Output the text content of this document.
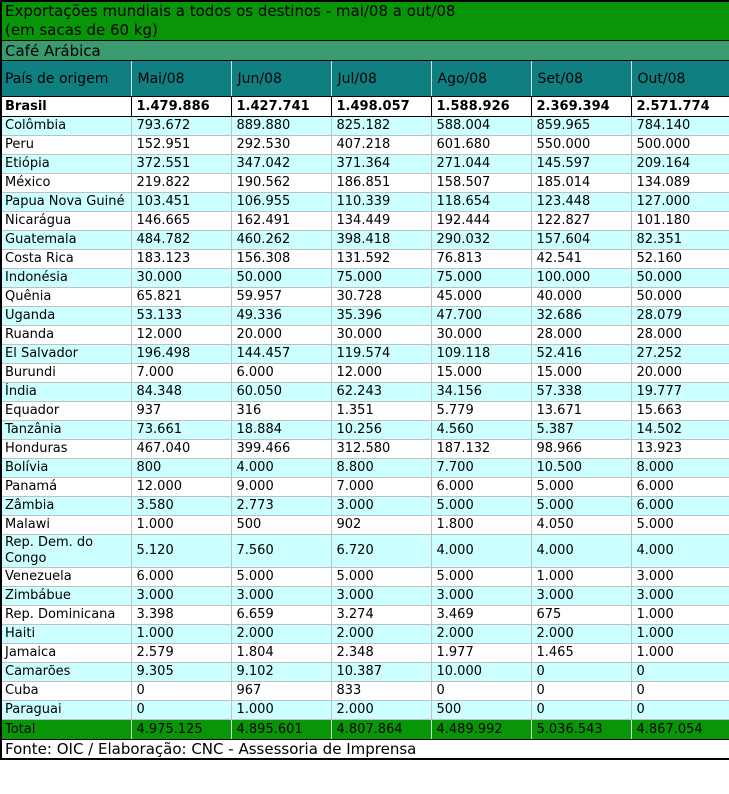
Exportações mundiais a todos os destinos - mai/08 a out/08
(em sacas de 60 kg)						

Café Arábica						
País de origem	Mai/08	Jun/08	Jul/08	Ago/08	Set/08	Out/08
Brasil	1.479.886	1.427.741	1.498.057	1.588.926	2.369.394	2.571.774
Colômbia	793.672	889.880	825.182	588.004	859.965	784.140
Peru	152.951	292.530	407.218	601.680	550.000	500.000
Etiópia	372.551	347.042	371.364	271.044	145.597	209.164
México	219.822	190.562	186.851	158.507	185.014	134.089
Papua Nova Guiné	103.451	106.955	110.339	118.654	123.448	127.000
Nicarágua	146.665	162.491	134.449	192.444	122.827	101.180
Guatemala	484.782	460.262	398.418	290.032	157.604	82.351
Costa Rica	183.123	156.308	131.592	76.813	42.541	52.160
Indonésia	30.000	50.000	75.000	75.000	100.000	50.000
Quênia	65.821	59.957	30.728	45.000	40.000	50.000
Uganda	53.133	49.336	35.396	47.700	32.686	28.079
Ruanda	12.000	20.000	30.000	30.000	28.000	28.000
El Salvador	196.498	144.457	119.574	109.118	52.416	27.252
Burundi	7.000	6.000	12.000	15.000	15.000	20.000
Índia	84.348	60.050	62.243	34.156	57.338	19.777
Equador	937	316	1.351	5.779	13.671	15.663
Tanzânia	73.661	18.884	10.256	4.560	5.387	14.502
Honduras	467.040	399.466	312.580	187.132	98.966	13.923
Bolívia	800	4.000	8.800	7.700	10.500	8.000
Panamá	12.000	9.000	7.000	6.000	5.000	6.000
Zâmbia	3.580	2.773	3.000	5.000	5.000	6.000
Malawi	1.000	500	902	1.800	4.050	5.000
Rep. Dem. do Congo	5.120	7.560	6.720	4.000	4.000	4.000
Venezuela	6.000	5.000	5.000	5.000	1.000	3.000
Zimbábue	3.000	3.000	3.000	3.000	3.000	3.000
Rep. Dominicana	3.398	6.659	3.274	3.469	675	1.000
Haiti	1.000	2.000	2.000	2.000	2.000	1.000
Jamaica	2.579	1.804	2.348	1.977	1.465	1.000
Camarões	9.305	9.102	10.387	10.000	0	0
Cuba	0	967	833	0	0	0
Paraguai	0	1.000	2.000	500	0	0
Total	4.975.125	4.895.601	4.807.864	4.489.992	5.036.543	4.867.054
Fonte: OIC / Elaboração: CNC - Assessoria de Imprensa						
